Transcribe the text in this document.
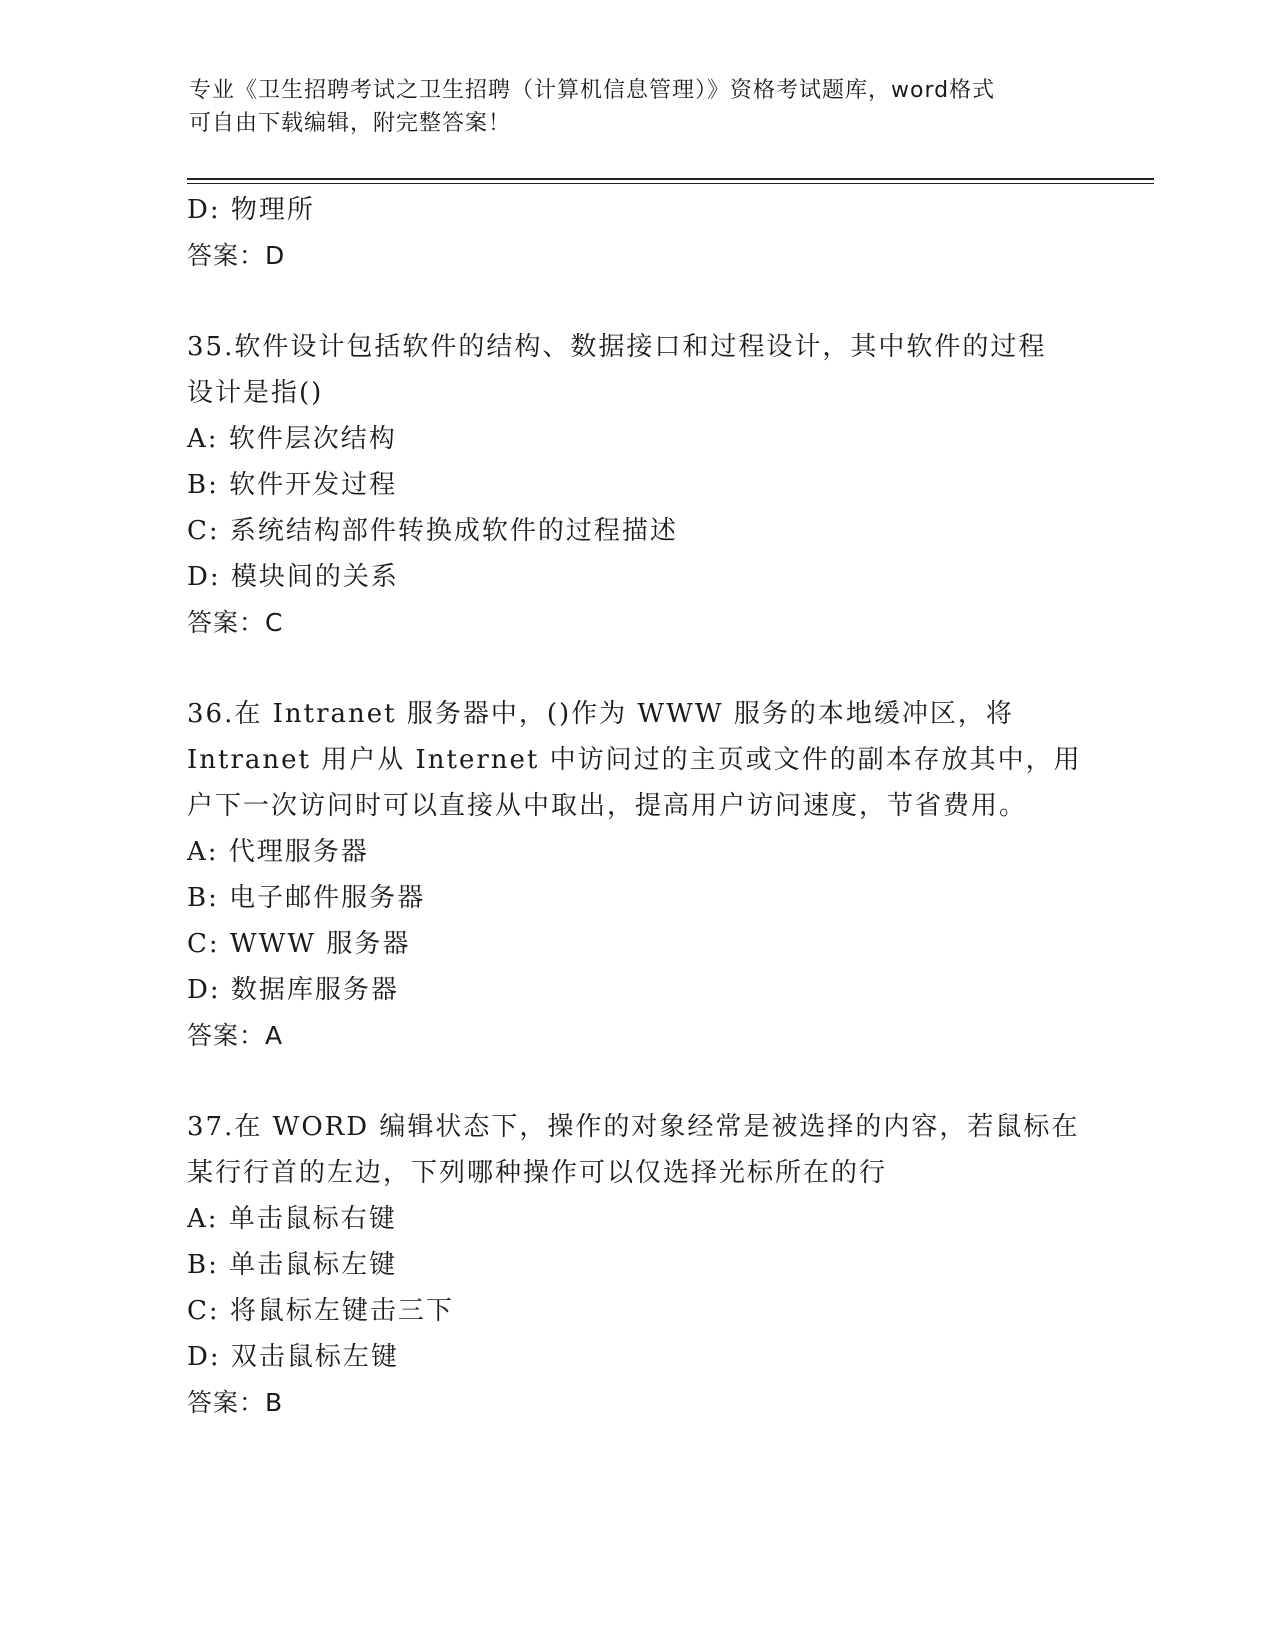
专业《卫生招聘考试之卫生招聘（计算机信息管理）》资格考试题库，word格式
可自由下载编辑，附完整答案！
D: 物理所
答案：D
35.软件设计包括软件的结构、数据接口和过程设计，其中软件的过程
设计是指()
A: 软件层次结构
B: 软件开发过程
C: 系统结构部件转换成软件的过程描述
D: 模块间的关系
答案：C
36.在 Intranet 服务器中，()作为 WWW 服务的本地缓冲区，将
Intranet 用户从 Internet 中访问过的主页或文件的副本存放其中，用
户下一次访问时可以直接从中取出，提高用户访问速度，节省费用。
A: 代理服务器
B: 电子邮件服务器
C: WWW 服务器
D: 数据库服务器
答案：A
37.在 WORD 编辑状态下，操作的对象经常是被选择的内容，若鼠标在
某行行首的左边，下列哪种操作可以仅选择光标所在的行
A: 单击鼠标右键
B: 单击鼠标左键
C: 将鼠标左键击三下
D: 双击鼠标左键
答案：B
